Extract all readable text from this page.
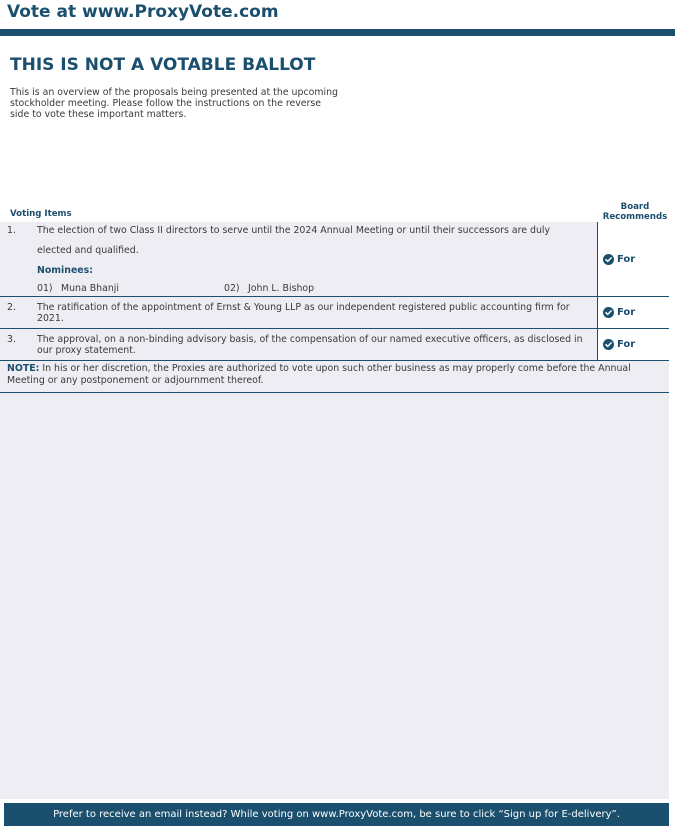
Vote at www.ProxyVote.com
THIS IS NOT A VOTABLE BALLOT
This is an overview of the proposals being presented at the upcoming stockholder meeting. Please follow the instructions on the reverse side to vote these important matters.
Voting Items
Board Recommends
1. The election of two Class II directors to serve until the 2024 Annual Meeting or until their successors are duly
elected and qualified.
Nominees:
01) Muna Bhanji	02) John L. Bishop
For
2. The ratification of the appointment of Ernst & Young LLP as our independent registered public accounting firm for 2021.
For
3. The approval, on a non-binding advisory basis, of the compensation of our named executive officers, as disclosed in our proxy statement.
For
NOTE: In his or her discretion, the Proxies are authorized to vote upon such other business as may properly come before the Annual Meeting or any postponement or adjournment thereof.
Prefer to receive an email instead? While voting on www.ProxyVote.com, be sure to click “Sign up for E-delivery”.
